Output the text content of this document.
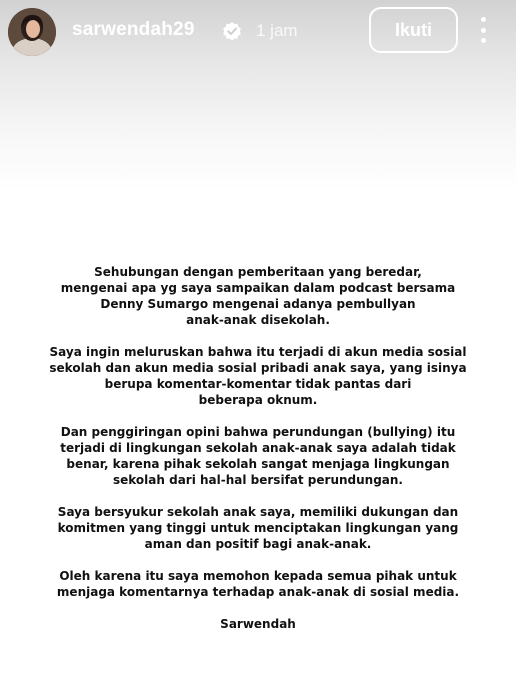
sarwendah29	1 jam	Ikuti

Sehubungan dengan pemberitaan yang beredar,
mengenai apa yg saya sampaikan dalam podcast bersama
Denny Sumargo mengenai adanya pembullyan
anak-anak disekolah.

Saya ingin meluruskan bahwa itu terjadi di akun media sosial
sekolah dan akun media sosial pribadi anak saya, yang isinya
berupa komentar-komentar tidak pantas dari
beberapa oknum.

Dan penggiringan opini bahwa perundungan (bullying) itu
terjadi di lingkungan sekolah anak-anak saya adalah tidak
benar, karena pihak sekolah sangat menjaga lingkungan
sekolah dari hal-hal bersifat perundungan.

Saya bersyukur sekolah anak saya, memiliki dukungan dan
komitmen yang tinggi untuk menciptakan lingkungan yang
aman dan positif bagi anak-anak.

Oleh karena itu saya memohon kepada semua pihak untuk
menjaga komentarnya terhadap anak-anak di sosial media.

Sarwendah
